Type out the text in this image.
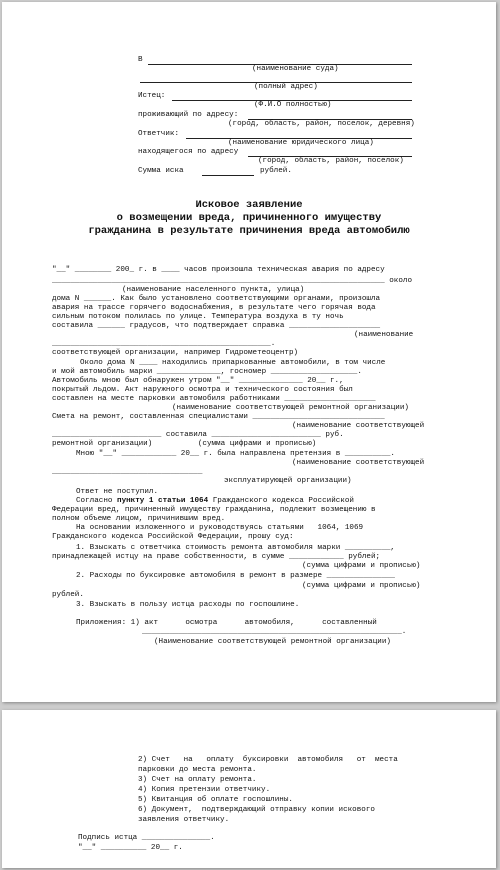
В
(наименование суда)
(полный адрес)
Истец:
(Ф.И.О полностью)
проживающий по адресу:
(город, область, район, поселок, деревня)
Ответчик:
(наименование юридического лица)
находящегося по адресу
(город, область, район, поселок)
Сумма иска	рублей.
Исковое заявление
о возмещении вреда, причиненного имуществу
гражданина в результате причинения вреда автомобилю
"__" ________ 200_ г. в ____ часов произошла техническая авария по адресу
_________________________________________________________________________ около
(наименование населенного пункта, улица)
дома N ______. Как было установлено соответствующими органами, произошла
авария на трассе горячего водоснабжения, в результате чего горячая вода
сильным потоком полилась по улице. Температура воздуха в ту ночь
составила ______ градусов, что подтверждает справка ____________________
(наименование
________________________________________________.
соответствующей организации, например Гидрометеоцентр)
Около дома N ____ находились припаркованные автомобили, в том числе
и мой автомобиль марки ______________, госномер ___________________.
Автомобиль мною был обнаружен утром "__" ______________ 20__ г.,
покрытый льдом. Акт наружного осмотра и технического состояния был
составлен на месте парковки автомобиля работниками ____________________
(наименование соответствующей ремонтной организации)
Смета на ремонт, составленная специалистами _____________________________
(наименование соответствующей
________________________ составила ________________________ руб.
ремонтной организации)          (сумма цифрами и прописью)
Мною "__" ____________ 20__ г. была направлена претензия в __________.
(наименование соответствующей
_________________________________
эксплуатирующей организации)
Ответ не поступил.
Согласно пункту 1 статьи 1064 Гражданского кодекса Российской
Федерации вред, причиненный имуществу гражданина, подлежит возмещению в
полном объеме лицом, причинившим вред.
На основании изложенного и руководствуясь статьями   1064, 1069
Гражданского кодекса Российской Федерации, прошу суд:
1. Взыскать с ответчика стоимость ремонта автомобиля марки __________,
принадлежащей истцу на праве собственности, в сумме ____________ рублей;
(сумма цифрами и прописью)
2. Расходы по буксировке автомобиля в ремонт в размере _______________
(сумма цифрами и прописью)
рублей.
3. Взыскать в пользу истца расходы по госпошлине.
Приложения: 1) акт      осмотра      автомобиля,      составленный
_________________________________________________________.
(Наименование соответствующей ремонтной организации)
2) Счет   на   оплату  буксировки  автомобиля   от  места
парковки до места ремонта.
3) Счет на оплату ремонта.
4) Копия претензии ответчику.
5) Квитанция об оплате госпошлины.
6) Документ,  подтверждающий отправку копии искового
заявления ответчику.
Подпись истца _______________.
"__" __________ 20__ г.
